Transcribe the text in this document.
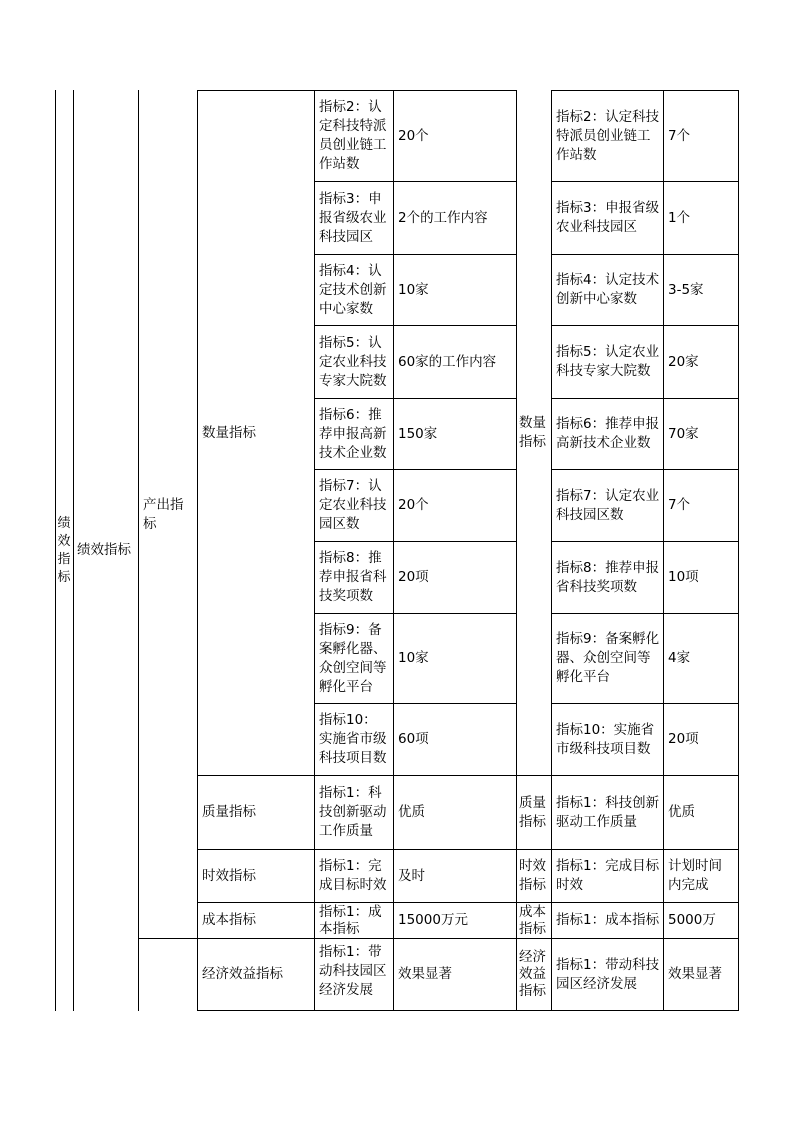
绩效指标
绩效指标
产出指标
数量指标
质量指标
时效指标
成本指标
经济效益指标
数量指标
质量指标
时效指标
成本指标
经济效益指标
指标2：认定科技特派员创业链工作站数
20个
指标2：认定科技特派员创业链工作站数
7个
指标3：申报省级农业科技园区
2个的工作内容
指标3：申报省级农业科技园区
1个
指标4：认定技术创新中心家数
10家
指标4：认定技术创新中心家数
3-5家
指标5：认定农业科技专家大院数
60家的工作内容
指标5：认定农业科技专家大院数
20家
指标6：推荐申报高新技术企业数
150家
指标6：推荐申报高新技术企业数
70家
指标7：认定农业科技园区数
20个
指标7：认定农业科技园区数
7个
指标8：推荐申报省科技奖项数
20项
指标8：推荐申报省科技奖项数
10项
指标9：备案孵化器、众创空间等孵化平台
10家
指标9：备案孵化器、众创空间等孵化平台
4家
指标10：实施省市级科技项目数
60项
指标10：实施省市级科技项目数
20项
指标1：科技创新驱动工作质量
优质
指标1：科技创新驱动工作质量
优质
指标1：完成目标时效
及时
指标1：完成目标时效
计划时间内完成
指标1：成本指标
15000万元	指标1：成本指标 5000万
指标1：带动科技园区经济发展
效果显著
指标1：带动科技园区经济发展
效果显著
